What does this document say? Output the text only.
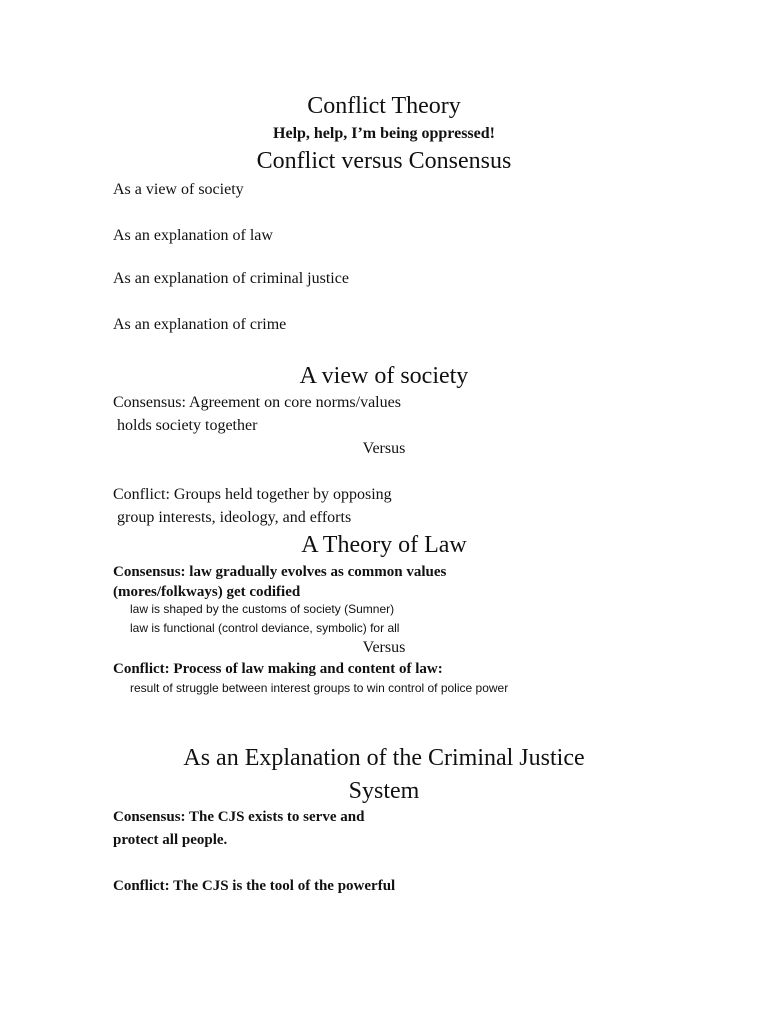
Conflict Theory
Help, help, I’m being oppressed!
Conflict versus Consensus
As a view of society
As an explanation of law
As an explanation of criminal justice
As an explanation of crime
A view of society
Consensus: Agreement on core norms/values
holds society together
Versus
Conflict: Groups held together by opposing
group interests, ideology, and efforts
A Theory of Law
Consensus: law gradually evolves as common values
(mores/folkways) get codified
law is shaped by the customs of society (Sumner)
law is functional (control deviance, symbolic) for all
Versus
Conflict: Process of law making and content of law:
result of struggle between interest groups to win control of police power
As an Explanation of the Criminal Justice
System
Consensus: The CJS exists to serve and
protect all people.
Conflict: The CJS is the tool of the powerful
